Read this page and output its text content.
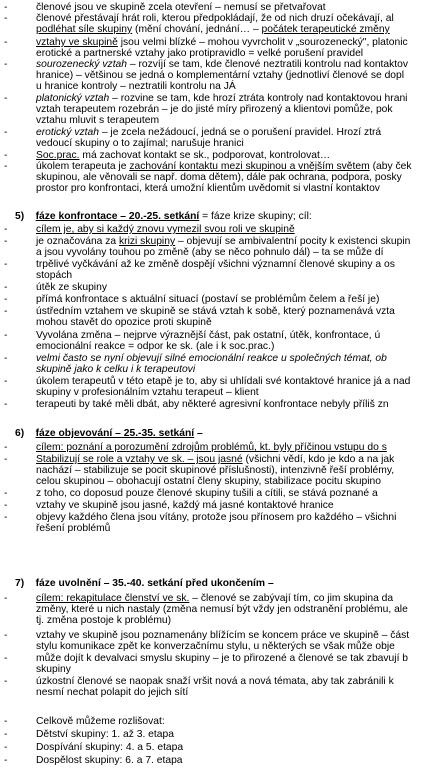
-	členové jsou ve skupině zcela otevření – nemusí se přetvařovat
-	členové přestávají hrát roli, kterou předpokládají, že od nich druzí očekávají, al
podléhat síle skupiny (mění chování, jednání… – počátek terapeutické změny
-	vztahy ve skupině jsou velmi blízké – mohou vyvrcholit v „sourozenecký", platonic
erotické a partnerské vztahy jako protipravidlo = velké porušení pravidel
-	sourozenecký vztah – rozvíjí se tam, kde členové neztratili kontrolu nad kontaktov
hranice) – většinou se jedná o komplementární vztahy (jednotliví členové se dopl
u hranice kontroly – neztratili kontrolu na JÁ
-	platonický vztah – rozvine se tam, kde hrozí ztráta kontroly nad kontaktovou hrani
vztah terapeutem rozebrán – je do jisté míry přirozený a klientovi pomůže, pok
vztahu mluvit s terapeutem
-	erotický vztah – je zcela nežádoucí, jedná se o porušení pravidel. Hrozí ztrá
vedoucí skupiny o to zajímal; narušuje hranici
-	Soc.prac. má zachovat kontakt se sk., podporovat, kontrolovat…
-	úkolem terapeuta je zachování kontaktu mezi skupinou a vnějším světem (aby ček
skupinou, ale věnovali se např. doma dětem), dále pak ochrana, podpora, posky
prostor pro konfrontaci, která umožní klientům uvědomit si vlastní kontaktov
5) fáze konfrontace – 20.-25. setkání = fáze krize skupiny; cíl:
-	cílem je, aby si každý znovu vymezil svou roli ve skupině
-	je označována za krizi skupiny – objevují se ambivalentní pocity k existenci skupin
a jsou vyvolány touhou po změně (aby se něco pohnulo dál) – ta se může dí
-	trpělivé vyčkávání až ke změně dospějí všichni významní členové skupiny a os
stopách
-	útěk ze skupiny
-	přímá konfrontace s aktuální situací (postaví se problémům čelem a řeší je)
-	ústředním vztahem ve skupině se stává vztah k sobě, který poznamenává vzta
mohou stavět do opozice proti skupině
-	Vyvolána změna – nejprve výraznější část, pak ostatní, útěk, konfrontace, ú
emocionální reakce = odpor ke sk. (ale i k soc.prac.)
-	velmi často se nyní objevují silné emocionální reakce u společných témat, ob
skupině jako k celku i k terapeutovi
-	úkolem terapeutů v této etapě je to, aby si uhlídali své kontaktové hranice já a nad
skupiny v profesionálním vztahu terapeut – klient
-	terapeuti by také měli dbát, aby některé agresivní konfrontace nebyly příliš zn
6) fáze objevování – 25.-35. setkání –
-	cílem: poznání a porozumění zdrojům problémů, kt. byly příčinou vstupu do s
-	Stabilizují se role a vztahy ve sk. – jsou jasné (všichni vědí, kdo je kdo a na jak
nachází – stabilizuje se pocit skupinové příslušnosti), intenzivně řeší problémy,
celou skupinou – obohacují ostatní členy skupiny, stabilizace pocitu skupino
-	z toho, co doposud pouze členové skupiny tušili a cítili, se stává poznané a
-	vztahy ve skupině jsou jasné, každý má jasné kontaktové hranice
-	objevy každého člena jsou vítány, protože jsou přínosem pro každého – všichni
řešení problémů
7) fáze uvolnění – 35.-40. setkání před ukončením –
-	cílem: rekapitulace členství ve sk. – členové se zabývají tím, co jim skupina da
změny, které u nich nastaly (změna nemusí být vždy jen odstranění problému, ale
tj. změna postoje k problému)
-	vztahy ve skupině jsou poznamenány blížícím se koncem práce ve skupině – část
stylu komunikace zpět ke konverzačnímu stylu, u některých se však může obje
-	může dojít k devalvaci smyslu skupiny – je to přirozené a členové se tak zbavují b
skupiny
-	úzkostní členové se naopak snaží vršit nová a nová témata, aby tak zabránili k
nesmí nechat polapit do jejich sítí
-	Celkově můžeme rozlišovat:
-	Dětství skupiny: 1. až 3. etapa
-	Dospívání skupiny: 4. a 5. etapa
-	Dospělost skupiny: 6. a 7. etapa
